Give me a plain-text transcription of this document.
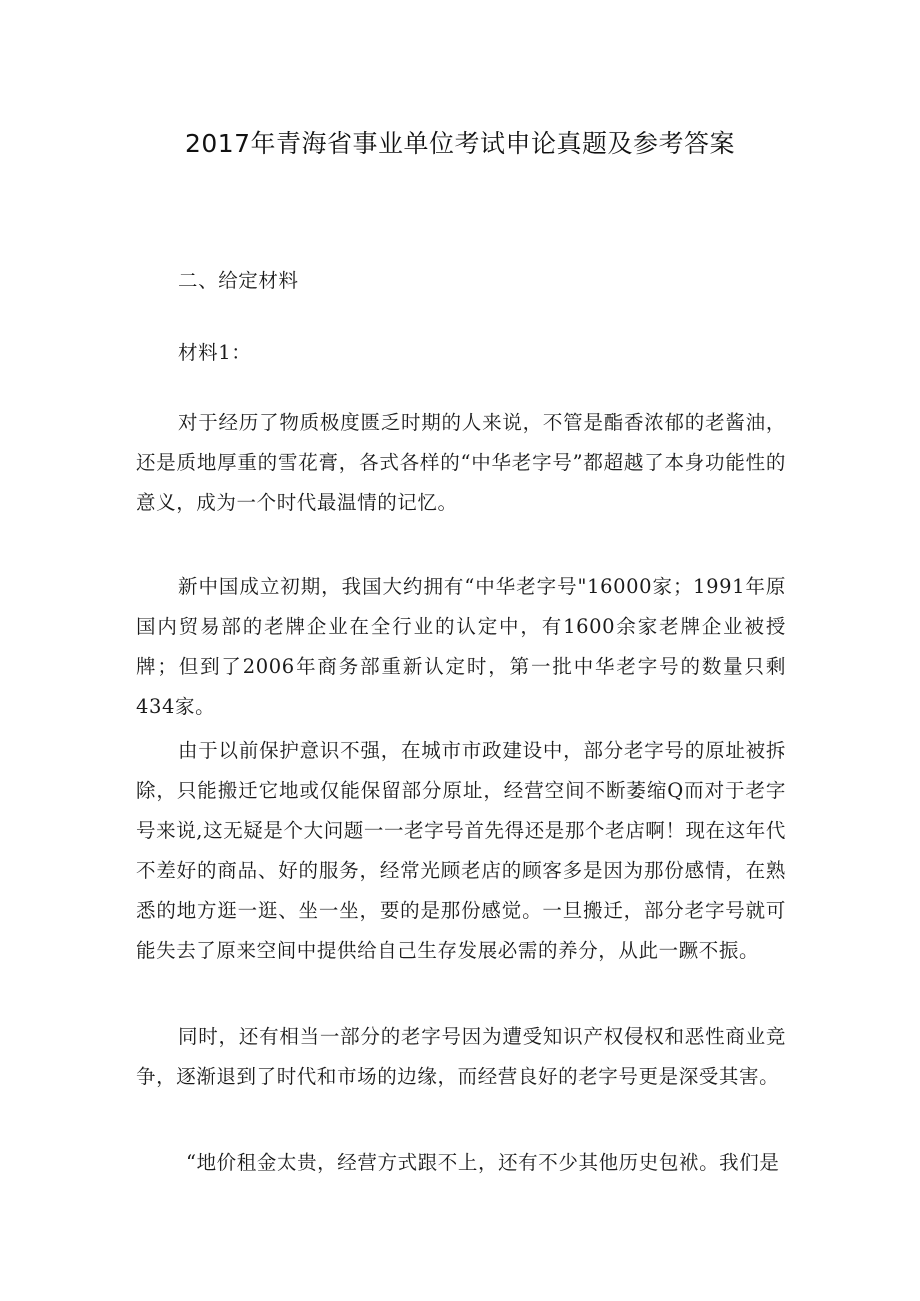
2017年青海省事业单位考试申论真题及参考答案

二、给定材料

材料1：

对于经历了物质极度匮乏时期的人来说，不管是酯香浓郁的老酱油，还是质地厚重的雪花膏，各式各样的“中华老字号”都超越了本身功能性的意义，成为一个时代最温情的记忆。

新中国成立初期，我国大约拥有“中华老字号"16000家；1991年原国内贸易部的老牌企业在全行业的认定中，有1600余家老牌企业被授牌；但到了2006年商务部重新认定时，第一批中华老字号的数量只剩434家。

由于以前保护意识不强，在城市市政建设中，部分老字号的原址被拆除，只能搬迁它地或仅能保留部分原址，经营空间不断萎缩Q而对于老字号来说,这无疑是个大问题一一老字号首先得还是那个老店啊！现在这年代不差好的商品、好的服务，经常光顾老店的顾客多是因为那份感情，在熟悉的地方逛一逛、坐一坐，要的是那份感觉。一旦搬迁，部分老字号就可能失去了原来空间中提供给自己生存发展必需的养分，从此一蹶不振。

同时，还有相当一部分的老字号因为遭受知识产权侵权和恶性商业竞争，逐渐退到了时代和市场的边缘，而经营良好的老字号更是深受其害。

“地价租金太贵，经营方式跟不上，还有不少其他历史包袱。我们是
